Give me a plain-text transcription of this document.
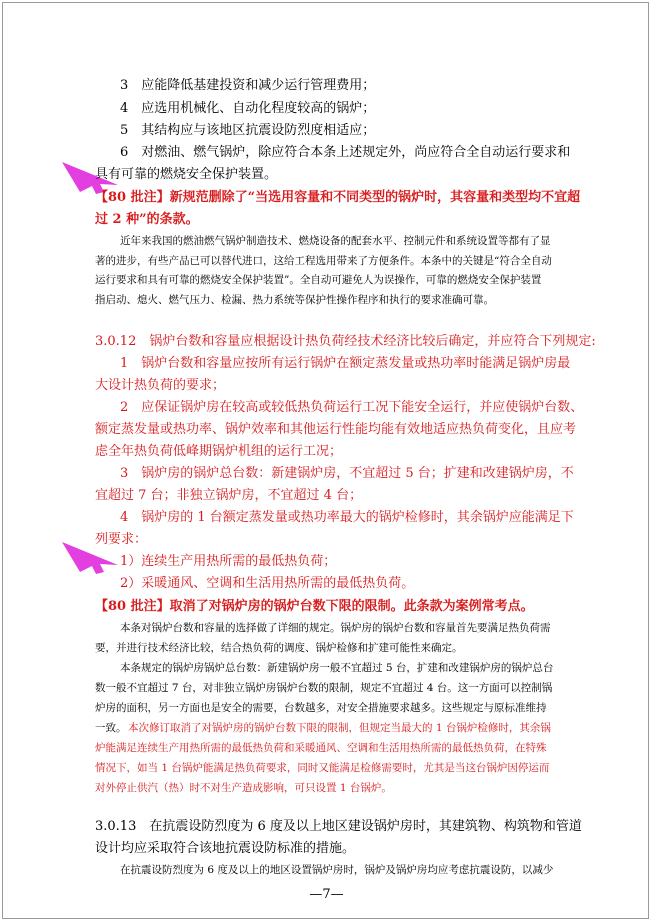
3　应能降低基建投资和减少运行管理费用；
4　应选用机械化、自动化程度较高的锅炉；
5　其结构应与该地区抗震设防烈度相适应；
6　对燃油、燃气锅炉，除应符合本条上述规定外，尚应符合全自动运行要求和
具有可靠的燃烧安全保护装置。
【80 批注】新规范删除了“当选用容量和不同类型的锅炉时，其容量和类型均不宜超
过 2 种”的条款。
近年来我国的燃油燃气锅炉制造技术、燃烧设备的配套水平、控制元件和系统设置等都有了显
著的进步，有些产品已可以替代进口，这给工程选用带来了方便条件。本条中的关键是“符合全自动
运行要求和具有可靠的燃烧安全保护装置”。全自动可避免人为误操作，可靠的燃烧安全保护装置
指启动、熄火、燃气压力、检漏、热力系统等保护性操作程序和执行的要求准确可靠。
3.0.12　锅炉台数和容量应根据设计热负荷经技术经济比较后确定，并应符合下列规定:
1　锅炉台数和容量应按所有运行锅炉在额定蒸发量或热功率时能满足锅炉房最
大设计热负荷的要求；
2　应保证锅炉房在较高或较低热负荷运行工况下能安全运行，并应使锅炉台数、
额定蒸发量或热功率、锅炉效率和其他运行性能均能有效地适应热负荷变化，且应考
虑全年热负荷低峰期锅炉机组的运行工况；
3　锅炉房的锅炉总台数：新建锅炉房，不宜超过 5 台；扩建和改建锅炉房，不
宜超过 7 台；非独立锅炉房，不宜超过 4 台；
4　锅炉房的 1 台额定蒸发量或热功率最大的锅炉检修时，其余锅炉应能满足下
列要求：
1）连续生产用热所需的最低热负荷；
2）采暖通风、空调和生活用热所需的最低热负荷。
【80 批注】取消了对锅炉房的锅炉台数下限的限制。此条款为案例常考点。
本条对锅炉台数和容量的选择做了详细的规定。锅炉房的锅炉台数和容量首先要满足热负荷需
要，并进行技术经济比较，结合热负荷的调度、锅炉检修和扩建可能性来确定。
本条规定的锅炉房锅炉总台数：新建锅炉房一般不宜超过 5 台，扩建和改建锅炉房的锅炉总台
数一般不宜超过 7 台，对非独立锅炉房锅炉台数的限制，规定不宜超过 4 台。这一方面可以控制锅
炉房的面积，另一方面也是安全的需要，台数越多，对安全措施要求越多。这些规定与原标准维持
一致。 本次修订取消了对锅炉房的锅炉台数下限的限制，但规定当最大的 1 台锅炉检修时，其余锅
炉能满足连续生产用热所需的最低热负荷和采暖通风、空调和生活用热所需的最低热负荷，在特殊
情况下，如当 1 台锅炉能满足热负荷要求，同时又能满足检修需要时，尤其是当这台锅炉因停运而
对外停止供汽（热）时不对生产造成影响，可只设置 1 台锅炉。
3.0.13　在抗震设防烈度为 6 度及以上地区建设锅炉房时，其建筑物、构筑物和管道
设计均应采取符合该地抗震设防标准的措施。
在抗震设防烈度为 6 度及以上的地区设置锅炉房时，锅炉及锅炉房均应考虑抗震设防，以减少
—7—
